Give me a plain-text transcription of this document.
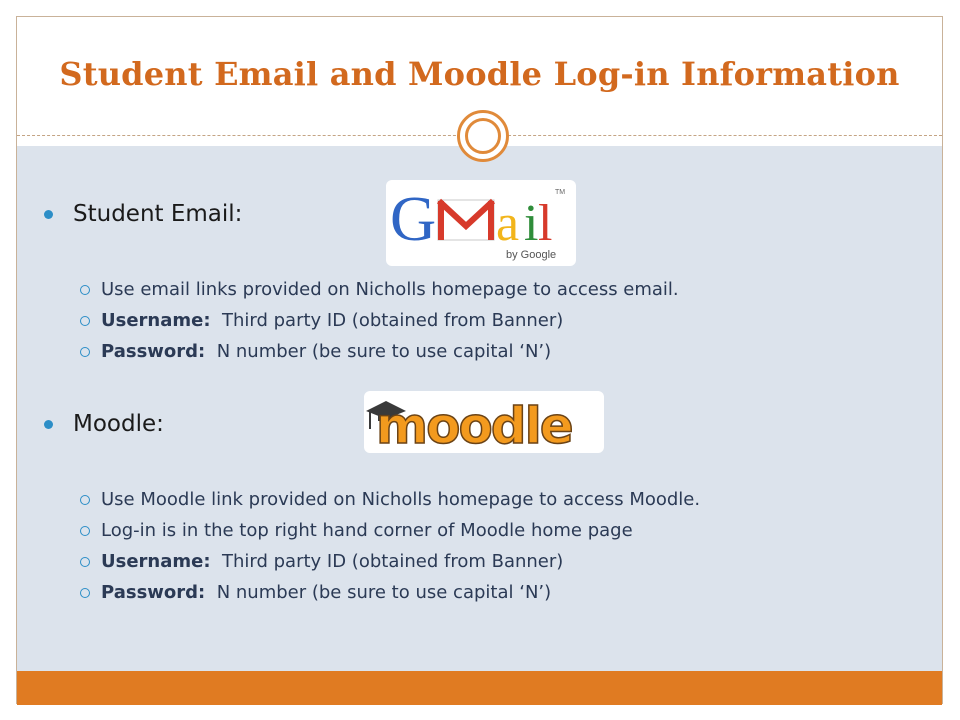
Student Email and Moodle Log-in Information
Student Email:
Use email links provided on Nicholls homepage to access email.
Username:  Third party ID (obtained from Banner)
Password:  N number (be sure to use capital ‘N’)
Moodle:
Use Moodle link provided on Nicholls homepage to access Moodle.
Log-in is in the top right hand corner of Moodle home page
Username:  Third party ID (obtained from Banner)
Password:  N number (be sure to use capital ‘N’)
G a i l
TM
by Google
moodle
